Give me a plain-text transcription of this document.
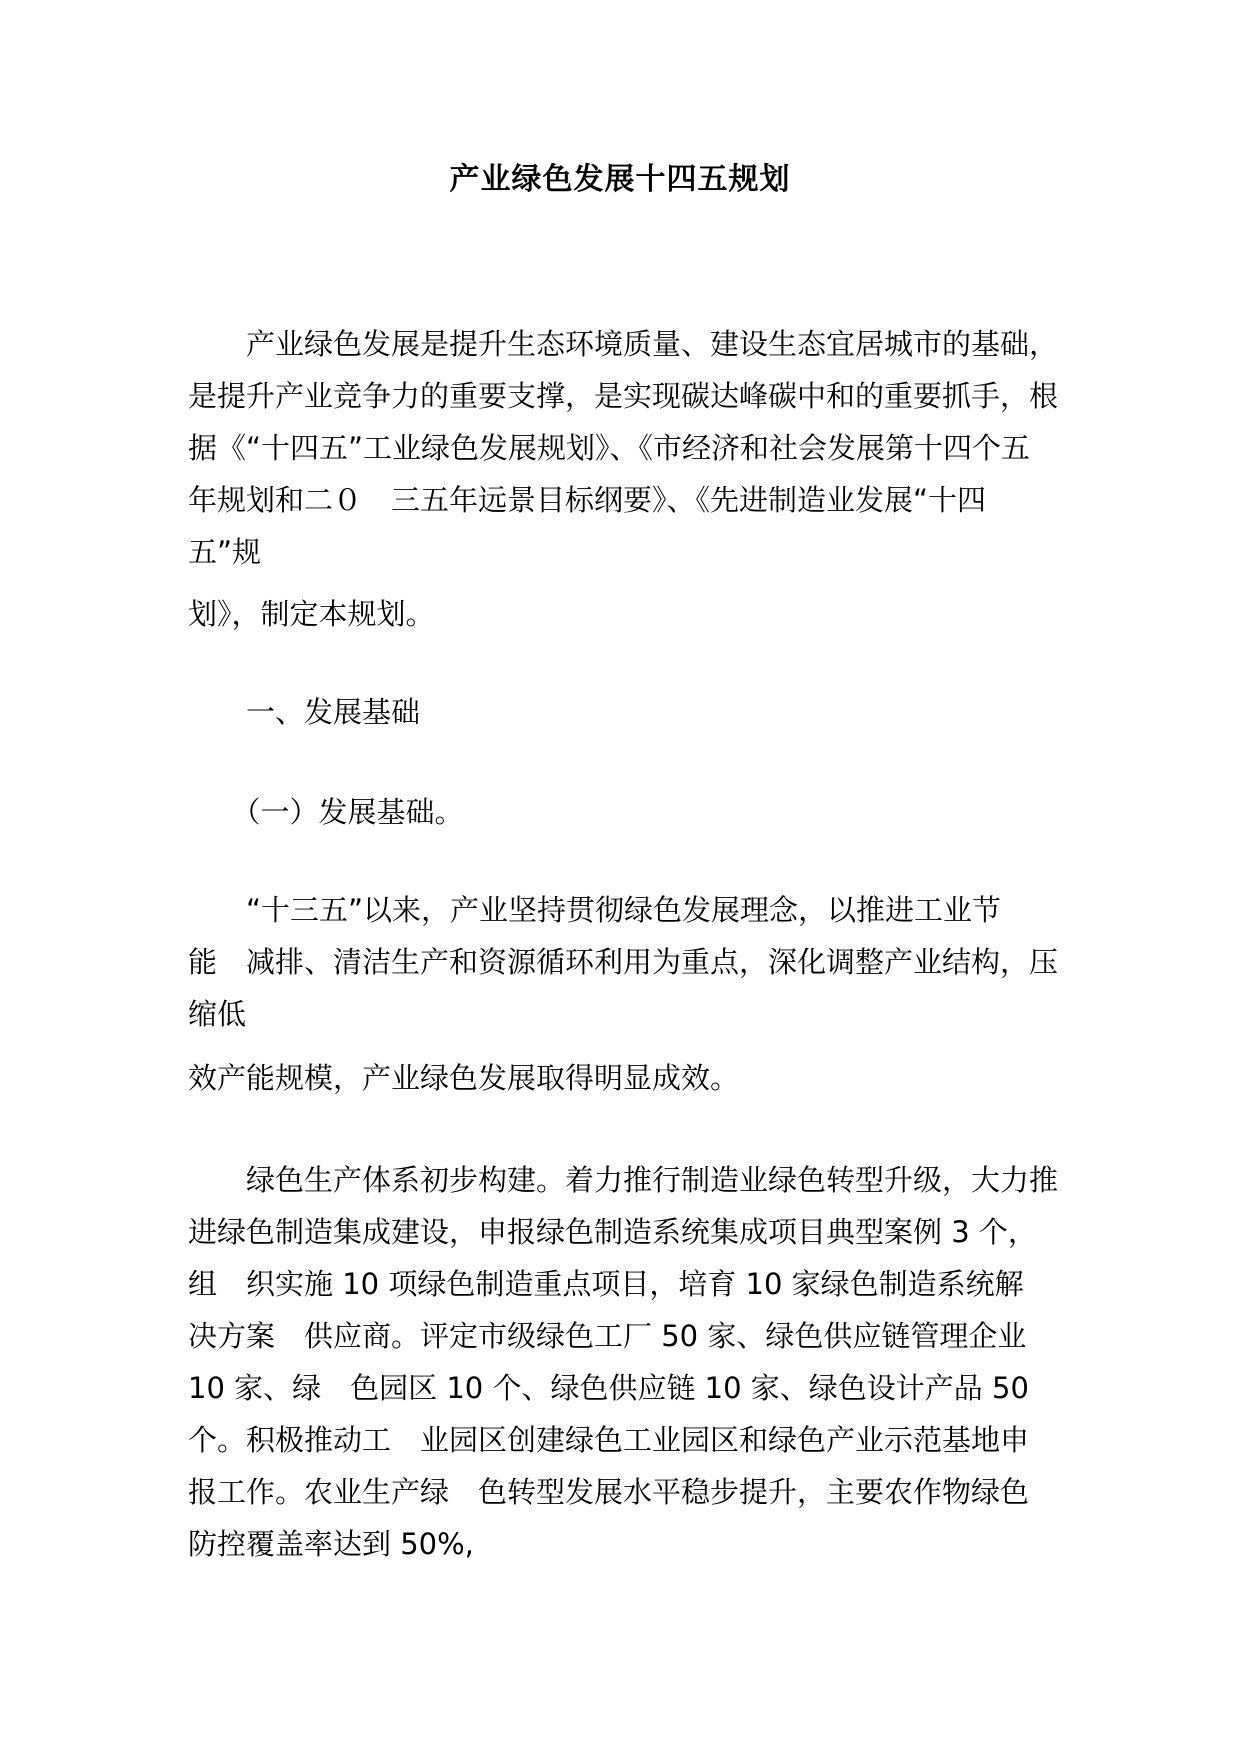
产业绿色发展十四五规划
　　产业绿色发展是提升生态环境质量、建设生态宜居城市的基础，
是提升产业竞争力的重要支撑，是实现碳达峰碳中和的重要抓手，根
据《“十四五”工业绿色发展规划》、《市经济和社会发展第十四个五
年规划和二０　三五年远景目标纲要》、《先进制造业发展“十四
五”规
划》，制定本规划。
　　一、发展基础
　　（一）发展基础。
　　“十三五”以来，产业坚持贯彻绿色发展理念，以推进工业节
能　减排、清洁生产和资源循环利用为重点，深化调整产业结构，压
缩低
效产能规模，产业绿色发展取得明显成效。
　　绿色生产体系初步构建。着力推行制造业绿色转型升级，大力推
进绿色制造集成建设，申报绿色制造系统集成项目典型案例 3 个，
组　织实施 10 项绿色制造重点项目，培育 10 家绿色制造系统解
决方案　供应商。评定市级绿色工厂 50 家、绿色供应链管理企业
10 家、绿　色园区 10 个、绿色供应链 10 家、绿色设计产品 50
个。积极推动工　业园区创建绿色工业园区和绿色产业示范基地申
报工作。农业生产绿　色转型发展水平稳步提升，主要农作物绿色
防控覆盖率达到 50%,
